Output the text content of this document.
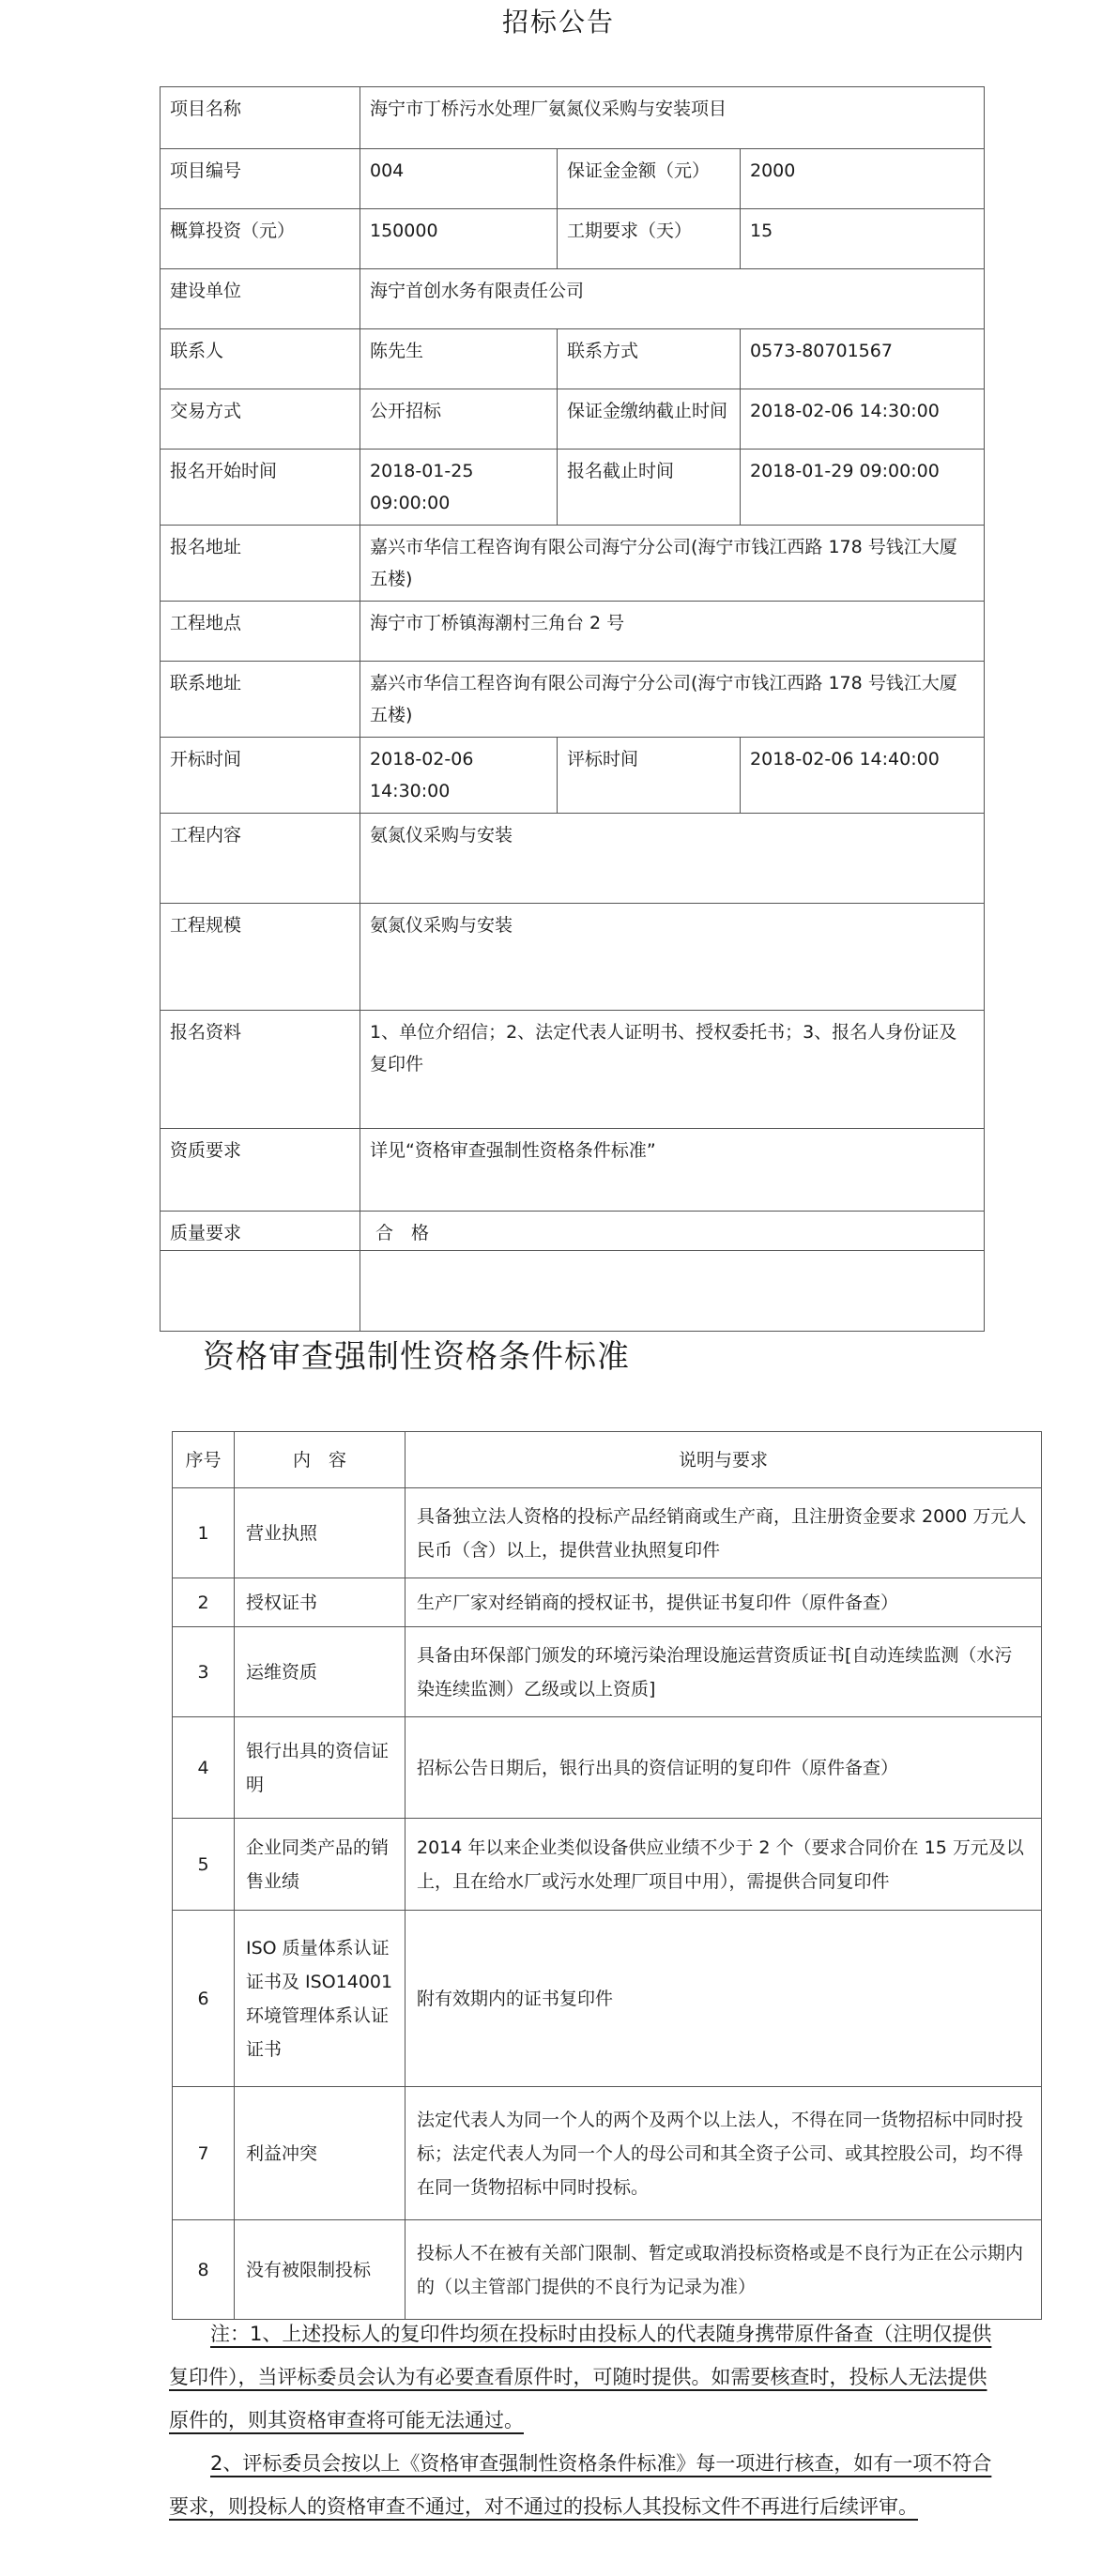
招标公告
项目名称	海宁市丁桥污水处理厂氨氮仪采购与安装项目		
项目编号	004	保证金金额（元）	2000
概算投资（元）	150000	工期要求（天）	15
建设单位	海宁首创水务有限责任公司		
联系人	陈先生	联系方式	0573-80701567
交易方式	公开招标	保证金缴纳截止时间	2018-02-06 14:30:00
报名开始时间	2018-01-25 09:00:00	报名截止时间	2018-01-29 09:00:00
报名地址	嘉兴市华信工程咨询有限公司海宁分公司(海宁市钱江西路 178 号钱江大厦五楼)		
工程地点	海宁市丁桥镇海潮村三角台 2 号		
联系地址	嘉兴市华信工程咨询有限公司海宁分公司(海宁市钱江西路 178 号钱江大厦五楼)		
开标时间	2018-02-06 14:30:00	评标时间	2018-02-06 14:40:00
工程内容	氨氮仪采购与安装		
工程规模	氨氮仪采购与安装		
报名资料	1、单位介绍信；2、法定代表人证明书、授权委托书；3、报名人身份证及复印件		
资质要求	详见“资格审查强制性资格条件标准”		
质量要求	合　格
资格审查强制性资格条件标准
序号	内　容	说明与要求
1	营业执照	具备独立法人资格的投标产品经销商或生产商，且注册资金要求 2000 万元人民币（含）以上，提供营业执照复印件
2	授权证书	生产厂家对经销商的授权证书，提供证书复印件（原件备查）
3	运维资质	具备由环保部门颁发的环境污染治理设施运营资质证书[自动连续监测（水污染连续监测）乙级或以上资质]
4	银行出具的资信证明	招标公告日期后，银行出具的资信证明的复印件（原件备查）
5	企业同类产品的销售业绩	2014 年以来企业类似设备供应业绩不少于 2 个（要求合同价在 15 万元及以上，且在给水厂或污水处理厂项目中用），需提供合同复印件
6	ISO 质量体系认证证书及 ISO14001 环境管理体系认证证书	附有效期内的证书复印件
7	利益冲突	法定代表人为同一个人的两个及两个以上法人，不得在同一货物招标中同时投标；法定代表人为同一个人的母公司和其全资子公司、或其控股公司，均不得在同一货物招标中同时投标。
8	没有被限制投标	投标人不在被有关部门限制、暂定或取消投标资格或是不良行为正在公示期内的（以主管部门提供的不良行为记录为准）

注：1、上述投标人的复印件均须在投标时由投标人的代表随身携带原件备查（注明仅提供复印件），当评标委员会认为有必要查看原件时，可随时提供。如需要核查时，投标人无法提供原件的，则其资格审查将可能无法通过。

2、评标委员会按以上《资格审查强制性资格条件标准》每一项进行核查，如有一项不符合要求，则投标人的资格审查不通过，对不通过的投标人其投标文件不再进行后续评审。
